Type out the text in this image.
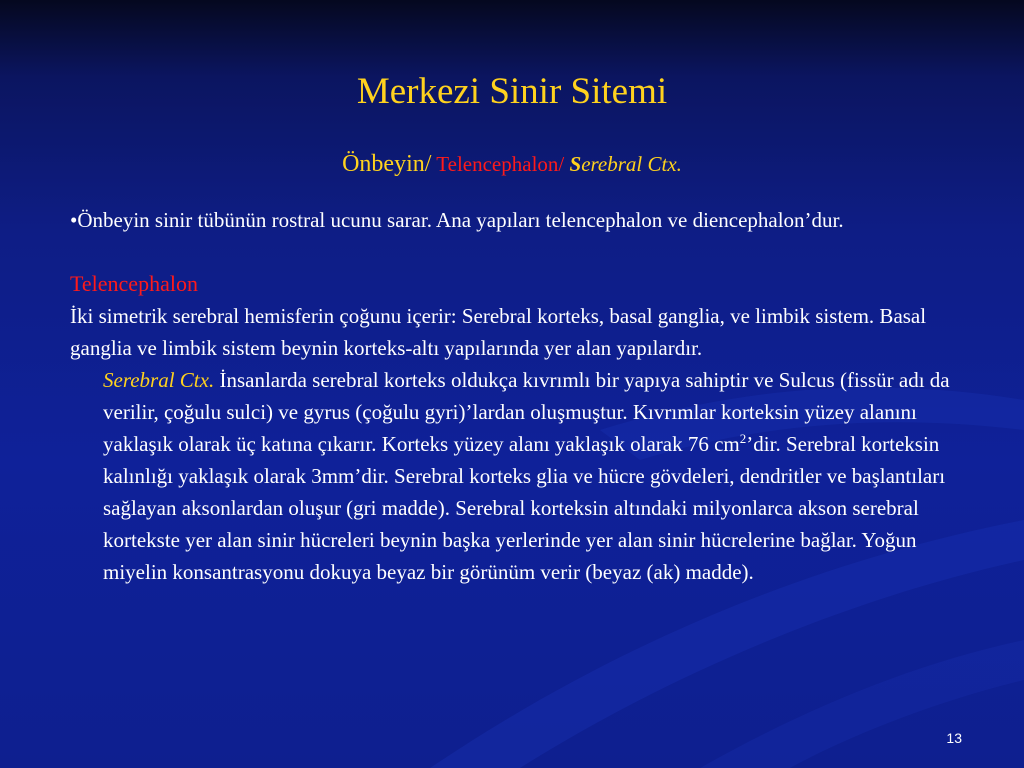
Merkezi Sinir Sitemi
Önbeyin/ Telencephalon/ Serebral Ctx.

•Önbeyin sinir tübünün rostral ucunu sarar. Ana yapıları telencephalon ve diencephalon’dur.

Telencephalon

İki simetrik serebral hemisferin çoğunu içerir: Serebral korteks, basal ganglia, ve limbik sistem. Basal ganglia ve limbik sistem beynin korteks-altı yapılarında yer alan yapılardır.

Serebral Ctx. İnsanlarda serebral korteks oldukça kıvrımlı bir yapıya sahiptir ve Sulcus (fissür adı da verilir, çoğulu sulci) ve gyrus (çoğulu gyri)’lardan oluşmuştur. Kıvrımlar korteksin yüzey alanını yaklaşık olarak üç katına çıkarır. Korteks yüzey alanı yaklaşık olarak 76 $cm^2’dir$. Serebral korteksin kalınlığı yaklaşık olarak 3mm’dir. Serebral korteks glia ve hücre gövdeleri, dendritler ve başlantıları sağlayan aksonlardan oluşur (gri madde). Serebral korteksin altındaki milyonlarca akson serebral kortekste yer alan sinir hücreleri beynin başka yerlerinde yer alan sinir hücrelerine bağlar. Yoğun miyelin konsantrasyonu dokuya beyaz bir görünüm verir (beyaz (ak) madde).

13
